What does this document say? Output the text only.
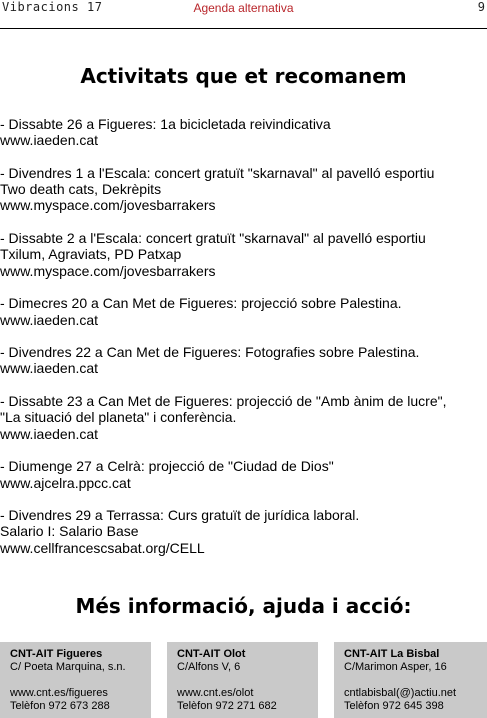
Vibracions 17	Agenda alternativa	9
Activitats que et recomanem
- Dissabte 26 a Figueres: 1a bicicletada reivindicativa
www.iaeden.cat
- Divendres 1 a l'Escala: concert gratuït "skarnaval" al pavelló esportiu
Two death cats, Dekrèpits
www.myspace.com/jovesbarrakers
- Dissabte 2 a l'Escala: concert gratuït "skarnaval" al pavelló esportiu
Txilum, Agraviats, PD Patxap
www.myspace.com/jovesbarrakers
- Dimecres 20 a Can Met de Figueres: projecció sobre Palestina.
www.iaeden.cat
- Divendres 22 a Can Met de Figueres: Fotografies sobre Palestina.
www.iaeden.cat
- Dissabte 23 a Can Met de Figueres: projecció de "Amb ànim de lucre",
"La situació del planeta" i conferència.
www.iaeden.cat
- Diumenge 27 a Celrà: projecció de "Ciudad de Dios"
www.ajcelra.ppcc.cat
- Divendres 29 a Terrassa: Curs gratuït de jurídica laboral.
Salario I: Salario Base
www.cellfrancescsabat.org/CELL
Més informació, ajuda i acció:
CNT-AIT Figueres
C/ Poeta Marquina, s.n.
www.cnt.es/figueres
Telèfon 972 673 288
CNT-AIT Olot
C/Alfons V, 6
www.cnt.es/olot
Telèfon 972 271 682
CNT-AIT La Bisbal
C/Marimon Asper, 16
cntlabisbal(@)actiu.net
Telèfon 972 645 398
